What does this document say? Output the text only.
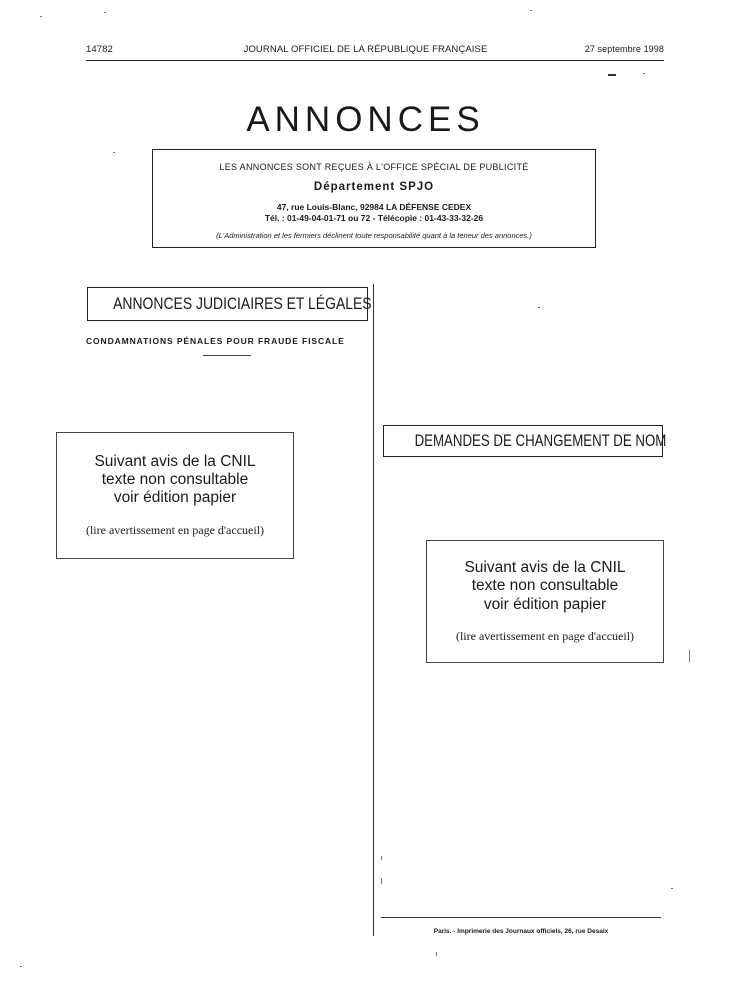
14782	JOURNAL OFFICIEL DE LA RÉPUBLIQUE FRANÇAISE	27 septembre 1998
ANNONCES
LES ANNONCES SONT REÇUES À L'OFFICE SPÉCIAL DE PUBLICITÉ
Département SPJO
47, rue Louis-Blanc, 92984 LA DÉFENSE CEDEX
Tél. : 01-49-04-01-71 ou 72 - Télécopie : 01-43-33-32-26
(L'Administration et les fermiers déclinent toute responsabilité quant à la teneur des annonces.)
ANNONCES JUDICIAIRES ET LÉGALES
CONDAMNATIONS PÉNALES POUR FRAUDE FISCALE
Suivant avis de la CNIL
texte non consultable
voir édition papier
(lire avertissement en page d'accueil)
DEMANDES DE CHANGEMENT DE NOM
Suivant avis de la CNIL
texte non consultable
voir édition papier
(lire avertissement en page d'accueil)
Paris. - Imprimerie des Journaux officiels, 26, rue Desaix
